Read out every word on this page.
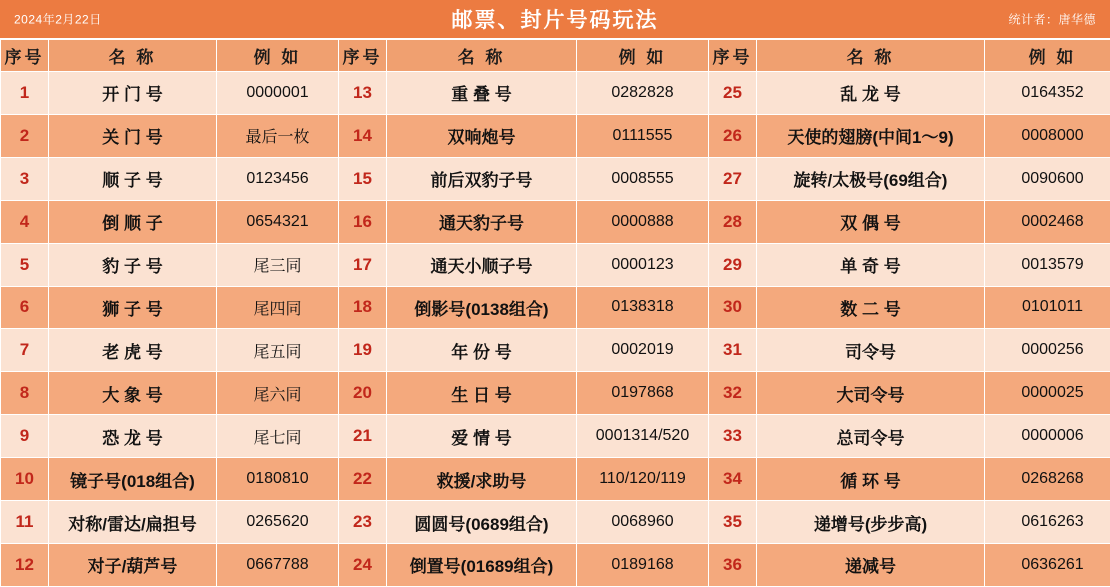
2024年2月22日	邮票、封片号码玩法	统计者：唐华德
序号	名 称	例 如	序号	名 称	例 如	序号	名 称	例 如
1	开 门 号	0000001	13	重 叠 号	0282828	25	乱 龙 号	0164352
2	关 门 号	最后一枚	14	双响炮号	0111555	26	天使的翅膀(中间1～9)	0008000
3	顺 子 号	0123456	15	前后双豹子号	0008555	27	旋转/太极号(69组合)	0090600
4	倒 顺 子	0654321	16	通天豹子号	0000888	28	双 偶 号	0002468
5	豹 子 号	尾三同	17	通天小顺子号	0000123	29	单 奇 号	0013579
6	狮 子 号	尾四同	18	倒影号(0138组合)	0138318	30	数 二 号	0101011
7	老 虎 号	尾五同	19	年 份 号	0002019	31	司令号	0000256
8	大 象 号	尾六同	20	生 日 号	0197868	32	大司令号	0000025
9	恐 龙 号	尾七同	21	爱 情 号	0001314/520	33	总司令号	0000006
10	镜子号(018组合)	0180810	22	救援/求助号	110/120/119	34	循 环 号	0268268
11	对称/雷达/扁担号	0265620	23	圆圆号(0689组合)	0068960	35	递增号(步步高)	0616263
12	对子/葫芦号	0667788	24	倒置号(01689组合)	0189168	36	递减号	0636261
